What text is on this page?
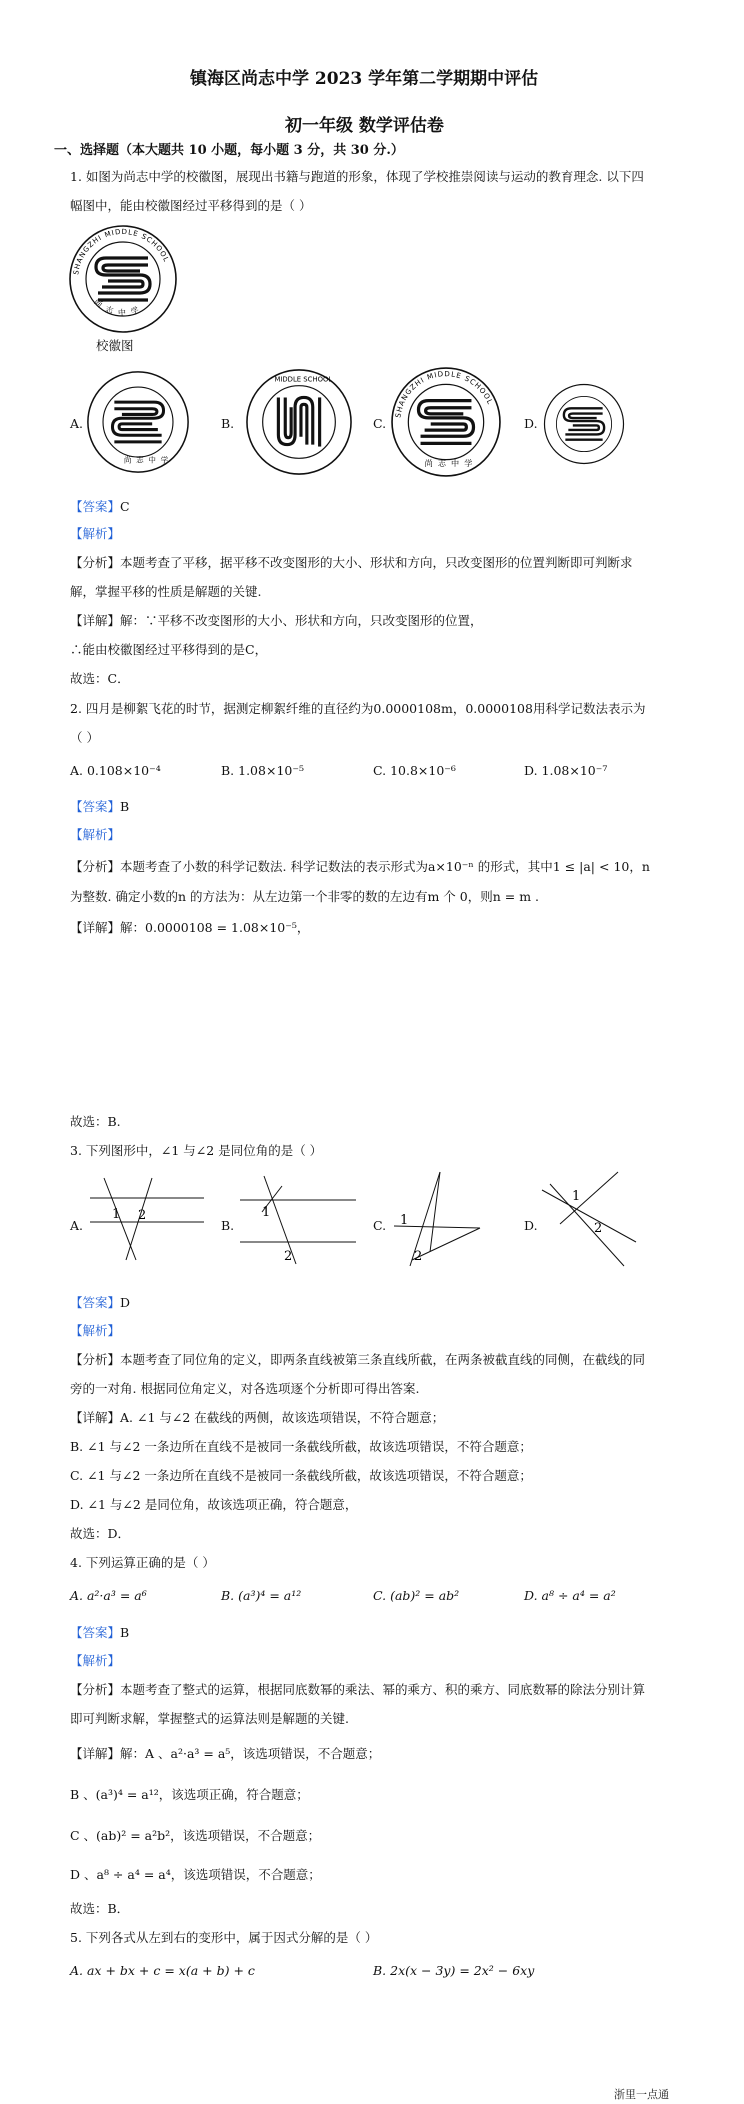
镇海区尚志中学 2023 学年第二学期期中评估
初一年级 数学评估卷
一、选择题（本大题共 10 小题，每小题 3 分，共 30 分.）
1. 如图为尚志中学的校徽图，展现出书籍与跑道的形象，体现了学校推崇阅读与运动的教育理念. 以下四
幅图中，能由校徽图经过平移得到的是（ ）
SHANGZHI MIDDLE SCHOOL
尚志中学
校徽图
A.
尚志中学
B.
MIDDLE SCHOOL
C.
SHANGZHI MIDDLE SCHOOL
尚志中学
D.
【答案】C
【解析】
【分析】本题考查了平移，据平移不改变图形的大小、形状和方向，只改变图形的位置判断即可判断求
解，掌握平移的性质是解题的关键.
【详解】解：∵平移不改变图形的大小、形状和方向，只改变图形的位置，
∴能由校徽图经过平移得到的是C，
故选：C．
2. 四月是柳絮飞花的时节，据测定柳絮纤维的直径约为0.0000108m，0.0000108用科学记数法表示为
（ ）
A. 0.108×10⁻⁴	B. 1.08×10⁻⁵	C. 10.8×10⁻⁶	D. 1.08×10⁻⁷
【答案】B
【解析】
【分析】本题考查了小数的科学记数法. 科学记数法的表示形式为a×10⁻ⁿ 的形式，其中1 ≤ |a| < 10，n
为整数. 确定小数的n 的方法为：从左边第一个非零的数的左边有m 个 0，则n = m .
【详解】解：0.0000108 = 1.08×10⁻⁵，
故选：B.
3. 下列图形中，∠1 与∠2 是同位角的是（ ）
A.
1 2
B.
1
2
C. 1
2
D.
1
2
【答案】D
【解析】
【分析】本题考查了同位角的定义，即两条直线被第三条直线所截，在两条被截直线的同侧，在截线的同
旁的一对角. 根据同位角定义，对各选项逐个分析即可得出答案.
【详解】A. ∠1 与∠2 在截线的两侧，故该选项错误，不符合题意；
B. ∠1 与∠2 一条边所在直线不是被同一条截线所截，故该选项错误，不符合题意；
C. ∠1 与∠2 一条边所在直线不是被同一条截线所截，故该选项错误，不符合题意；
D. ∠1 与∠2 是同位角，故该选项正确，符合题意，
故选：D．
4. 下列运算正确的是（ ）
A. a²·a³ = a⁶	B. (a³)⁴ = a¹²	C. (ab)² = ab²	D. a⁸ ÷ a⁴ = a²
【答案】B
【解析】
【分析】本题考查了整式的运算，根据同底数幂的乘法、幂的乘方、积的乘方、同底数幂的除法分别计算
即可判断求解，掌握整式的运算法则是解题的关键.
【详解】解：A 、a²·a³ = a⁵，该选项错误，不合题意；
B 、(a³)⁴ = a¹²，该选项正确，符合题意；
C 、(ab)² = a²b²，该选项错误，不合题意；
D 、a⁸ ÷ a⁴ = a⁴，该选项错误，不合题意；
故选：B．
5. 下列各式从左到右的变形中，属于因式分解的是（ ）
A. ax + bx + c = x(a + b) + c	B. 2x(x − 3y) = 2x² − 6xy
浙里一点通
